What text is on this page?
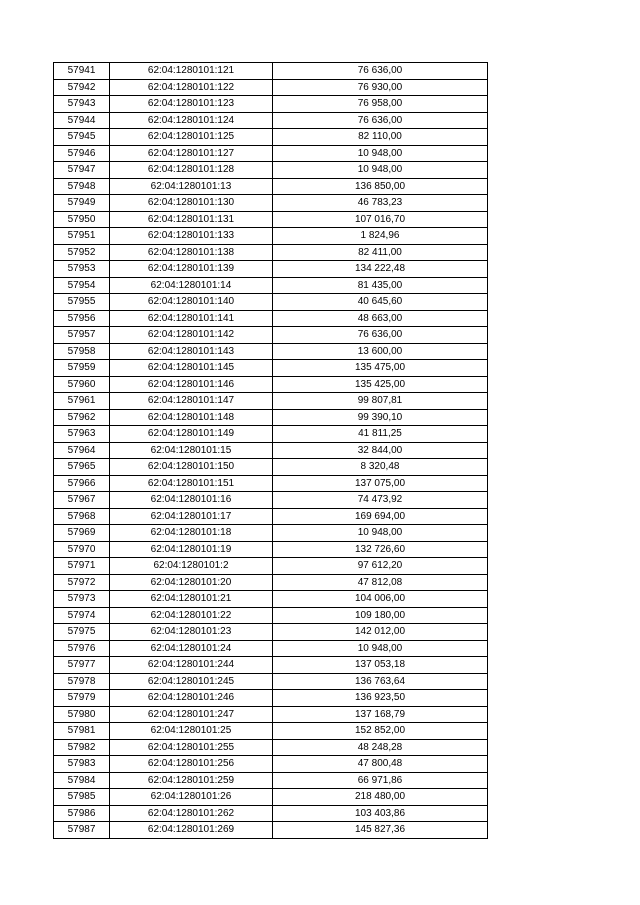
57941	62:04:1280101:121	76 636,00
57942	62:04:1280101:122	76 930,00
57943	62:04:1280101:123	76 958,00
57944	62:04:1280101:124	76 636,00
57945	62:04:1280101:125	82 110,00
57946	62:04:1280101:127	10 948,00
57947	62:04:1280101:128	10 948,00
57948	62:04:1280101:13	136 850,00
57949	62:04:1280101:130	46 783,23
57950	62:04:1280101:131	107 016,70
57951	62:04:1280101:133	1 824,96
57952	62:04:1280101:138	82 411,00
57953	62:04:1280101:139	134 222,48
57954	62:04:1280101:14	81 435,00
57955	62:04:1280101:140	40 645,60
57956	62:04:1280101:141	48 663,00
57957	62:04:1280101:142	76 636,00
57958	62:04:1280101:143	13 600,00
57959	62:04:1280101:145	135 475,00
57960	62:04:1280101:146	135 425,00
57961	62:04:1280101:147	99 807,81
57962	62:04:1280101:148	99 390,10
57963	62:04:1280101:149	41 811,25
57964	62:04:1280101:15	32 844,00
57965	62:04:1280101:150	8 320,48
57966	62:04:1280101:151	137 075,00
57967	62:04:1280101:16	74 473,92
57968	62:04:1280101:17	169 694,00
57969	62:04:1280101:18	10 948,00
57970	62:04:1280101:19	132 726,60
57971	62:04:1280101:2	97 612,20
57972	62:04:1280101:20	47 812,08
57973	62:04:1280101:21	104 006,00
57974	62:04:1280101:22	109 180,00
57975	62:04:1280101:23	142 012,00
57976	62:04:1280101:24	10 948,00
57977	62:04:1280101:244	137 053,18
57978	62:04:1280101:245	136 763,64
57979	62:04:1280101:246	136 923,50
57980	62:04:1280101:247	137 168,79
57981	62:04:1280101:25	152 852,00
57982	62:04:1280101:255	48 248,28
57983	62:04:1280101:256	47 800,48
57984	62:04:1280101:259	66 971,86
57985	62:04:1280101:26	218 480,00
57986	62:04:1280101:262	103 403,86
57987	62:04:1280101:269	145 827,36
